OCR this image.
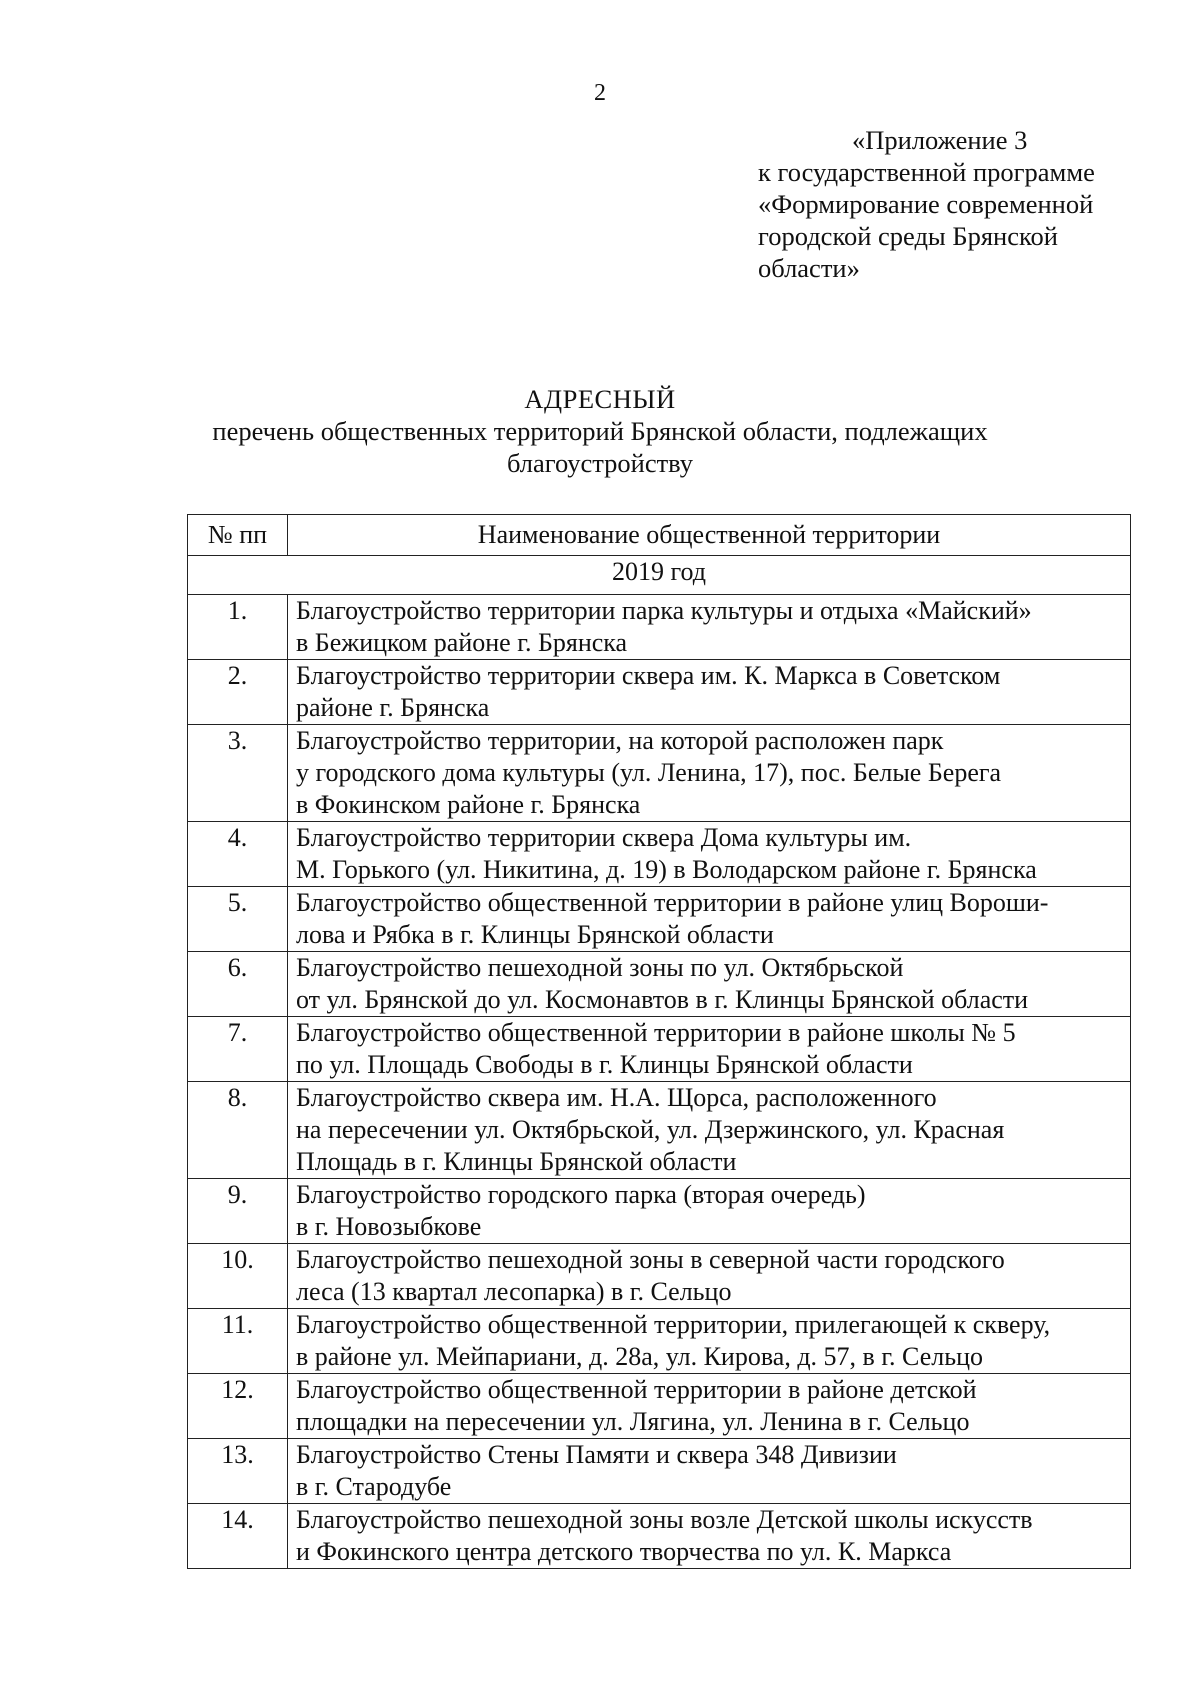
2
«Приложение 3
к государственной программе
«Формирование современной
городской среды Брянской
области»
АДРЕСНЫЙ
перечень общественных территорий Брянской области, подлежащих благоустройству
№ пп	Наименование общественной территории
2019 год	
1.	Благоустройство территории парка культуры и отдыха «Майский»
в Бежицком районе г. Брянска

2.	Благоустройство территории сквера им. К. Маркса в Советском
районе г. Брянска

3.	Благоустройство территории, на которой расположен парк
у городского дома культуры (ул. Ленина, 17), пос. Белые Берега
в Фокинском районе г. Брянска

4.	Благоустройство территории сквера Дома культуры им.
М. Горького (ул. Никитина, д. 19) в Володарском районе г. Брянска

5.	Благоустройство общественной территории в районе улиц Вороши-
лова и Рябка в г. Клинцы Брянской области

6.	Благоустройство пешеходной зоны по ул. Октябрьской
от ул. Брянской до ул. Космонавтов в г. Клинцы Брянской области

7.	Благоустройство общественной территории в районе школы № 5
по ул. Площадь Свободы в г. Клинцы Брянской области

8.	Благоустройство сквера им. Н.А. Щорса, расположенного
на пересечении ул. Октябрьской, ул. Дзержинского, ул. Красная
Площадь в г. Клинцы Брянской области

9.	Благоустройство городского парка (вторая очередь)
в г. Новозыбкове

10.	Благоустройство пешеходной зоны в северной части городского
леса (13 квартал лесопарка) в г. Сельцо

11.	Благоустройство общественной территории, прилегающей к скверу,
в районе ул. Мейпариани, д. 28а, ул. Кирова, д. 57, в г. Сельцо

12.	Благоустройство общественной территории в районе детской
площадки на пересечении ул. Лягина, ул. Ленина в г. Сельцо

13.	Благоустройство Стены Памяти и сквера 348 Дивизии
в г. Стародубе

14.	Благоустройство пешеходной зоны возле Детской школы искусств
и Фокинского центра детского творчества по ул. К. Маркса
